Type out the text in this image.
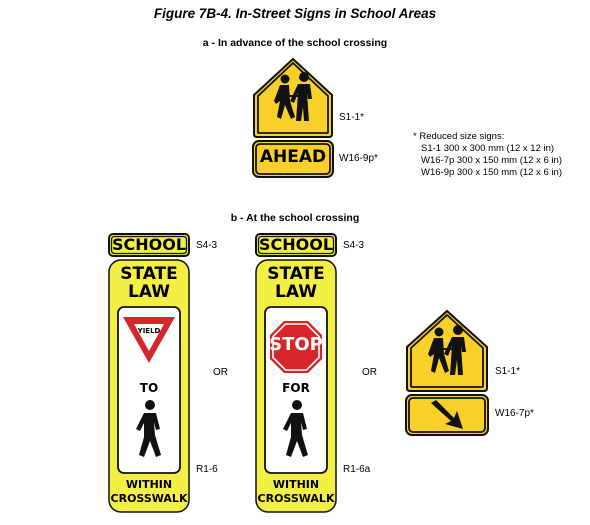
Figure 7B-4. In-Street Signs in School Areas
a - In advance of the school crossing
S1-1*
AHEAD	W16-9p*
* Reduced size signs:
S1-1 300 x 300 mm (12 x 12 in)
W16-7p 300 x 150 mm (12 x 6 in)
W16-9p 300 x 150 mm (12 x 6 in)
b - At the school crossing
SCHOOL S4-3
STATE
LAW
YIELD
TO
WITHIN
CROSSWALK
R1-6
OR
SCHOOL S4-3
STATE
LAW
STOP
FOR
WITHIN
CROSSWALK
R1-6a
OR	S1-1*
W16-7p*
